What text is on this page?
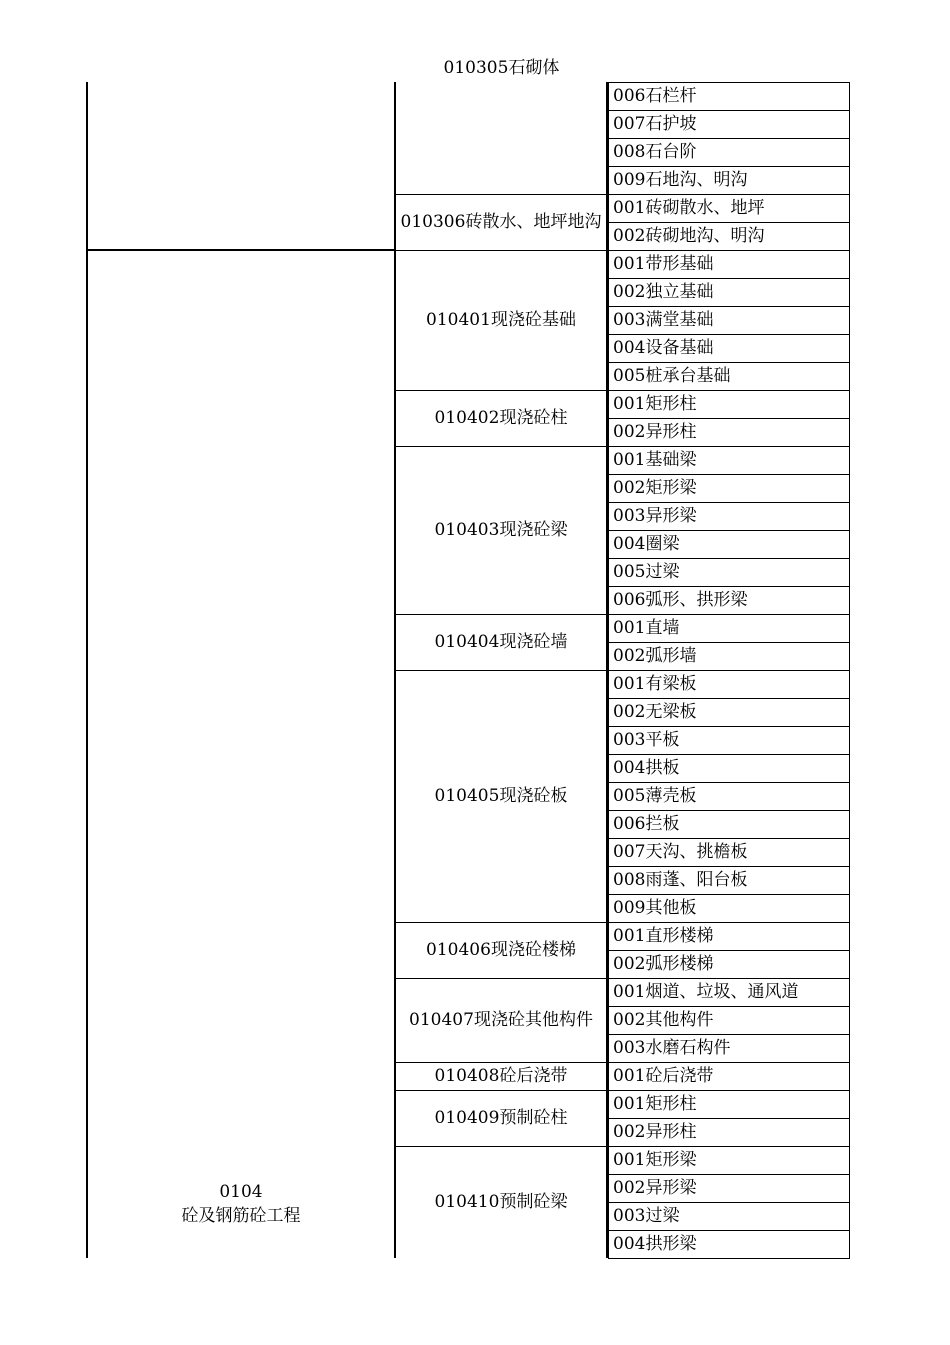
010305石砌体
0104
砼及钢筋砼工程
006石栏杆
007石护坡
008石台阶
009石地沟、明沟
001砖砌散水、地坪
002砖砌地沟、明沟
010306砖散水、地坪地沟
001带形基础
002独立基础
003满堂基础
004设备基础
005桩承台基础
010401现浇砼基础
001矩形柱
002异形柱
010402现浇砼柱
001基础梁
002矩形梁
003异形梁
004圈梁
005过梁
006弧形、拱形梁
010403现浇砼梁
001直墙
002弧形墙
010404现浇砼墙
001有梁板
002无梁板
003平板
004拱板
005薄壳板
006拦板
007天沟、挑檐板
008雨蓬、阳台板
009其他板
010405现浇砼板
001直形楼梯
002弧形楼梯
010406现浇砼楼梯
001烟道、垃圾、通风道
002其他构件
003水磨石构件
010407现浇砼其他构件
001砼后浇带
010408砼后浇带
001矩形柱
002异形柱
010409预制砼柱
001矩形梁
002异形梁
003过梁
004拱形梁
010410预制砼梁
